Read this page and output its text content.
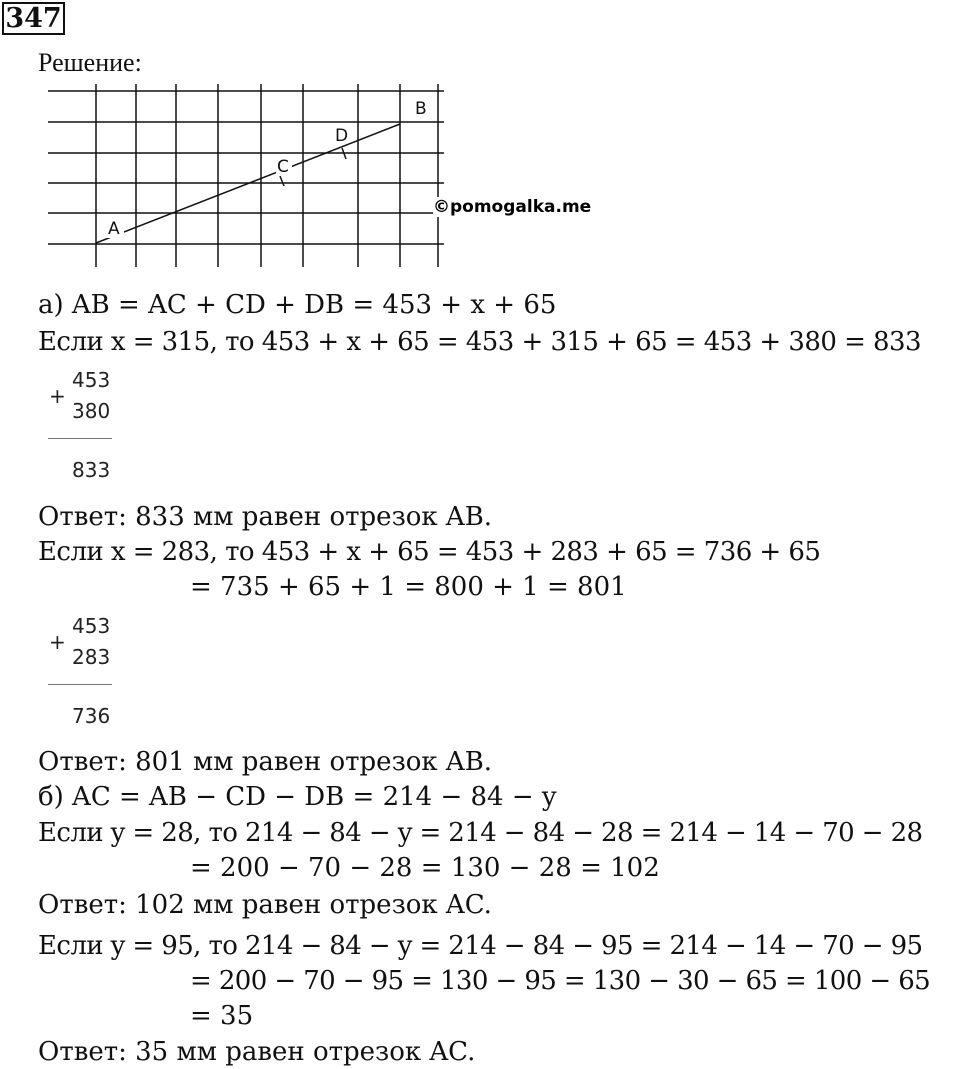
347
Решение:
A
C
D
B
©pomogalka.me
а) AB = AC + CD + DB = 453 + x + 65
Если x = 315, то 453 + x + 65 = 453 + 315 + 65 = 453 + 380 = 833
+
453
380
833
Ответ: 833 мм равен отрезок AB.
Если x = 283, то 453 + x + 65 = 453 + 283 + 65 = 736 + 65
= 735 + 65 + 1 = 800 + 1 = 801
+
453
283
736
Ответ: 801 мм равен отрезок AB.
б) AC = AB − CD − DB = 214 − 84 − y
Если y = 28, то 214 − 84 − y = 214 − 84 − 28 = 214 − 14 − 70 − 28
= 200 − 70 − 28 = 130 − 28 = 102
Ответ: 102 мм равен отрезок AC.
Если y = 95, то 214 − 84 − y = 214 − 84 − 95 = 214 − 14 − 70 − 95
= 200 − 70 − 95 = 130 − 95 = 130 − 30 − 65 = 100 − 65
= 35
Ответ: 35 мм равен отрезок AC.
